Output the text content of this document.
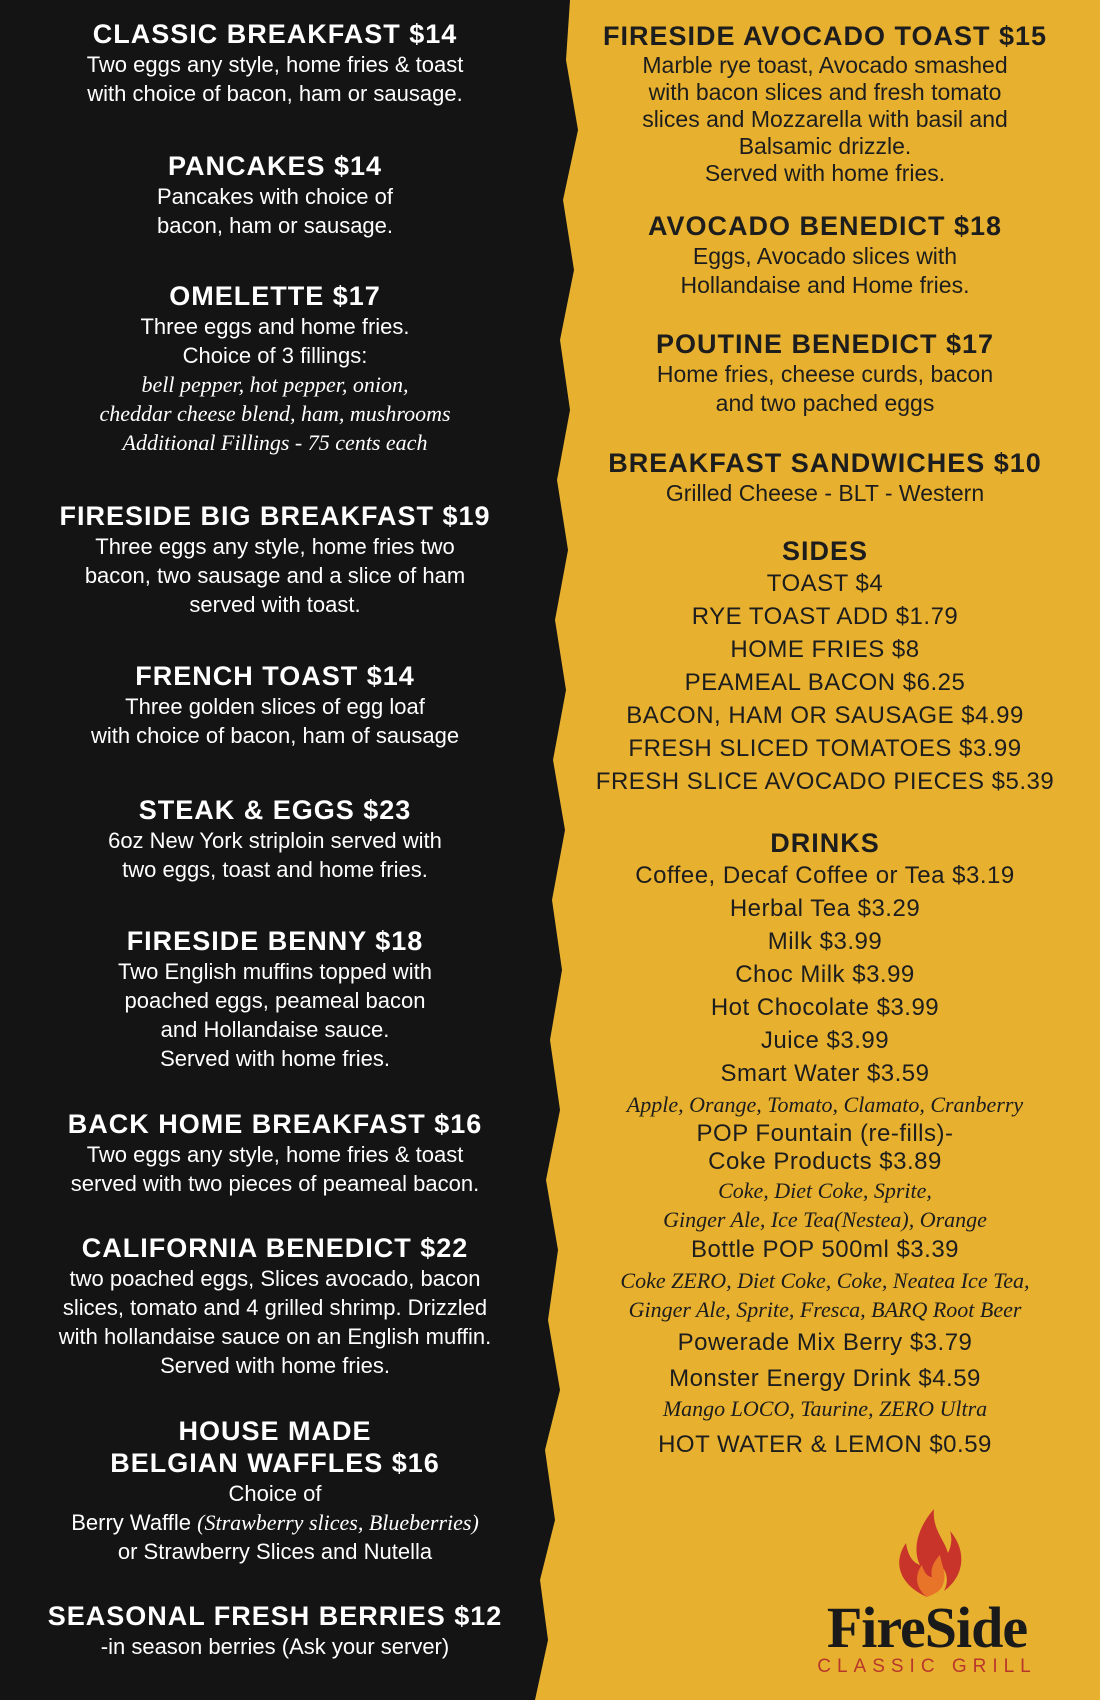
CLASSIC BREAKFAST $14
Two eggs any style, home fries & toast
with choice of bacon, ham or sausage.
PANCAKES $14
Pancakes with choice of
bacon, ham or sausage.
OMELETTE $17
Three eggs and home fries.
Choice of 3 fillings:
bell pepper, hot pepper, onion,
cheddar cheese blend, ham, mushrooms
Additional Fillings - 75 cents each
FIRESIDE BIG BREAKFAST $19
Three eggs any style, home fries two
bacon, two sausage and a slice of ham
served with toast.
FRENCH TOAST $14
Three golden slices of egg loaf
with choice of bacon, ham of sausage
STEAK & EGGS $23
6oz New York striploin served with
two eggs, toast and home fries.
FIRESIDE BENNY $18
Two English muffins topped with
poached eggs, peameal bacon
and Hollandaise sauce.
Served with home fries.
BACK HOME BREAKFAST $16
Two eggs any style, home fries & toast
served with two pieces of peameal bacon.
CALIFORNIA BENEDICT $22
two poached eggs, Slices avocado, bacon
slices, tomato and 4 grilled shrimp. Drizzled
with hollandaise sauce on an English muffin.
Served with home fries.
HOUSE MADE
BELGIAN WAFFLES $16
Choice of
Berry Waffle (Strawberry slices, Blueberries)
or Strawberry Slices and Nutella
SEASONAL FRESH BERRIES $12
-in season berries (Ask your server)
FIRESIDE AVOCADO TOAST $15
Marble rye toast, Avocado smashed
with bacon slices and fresh tomato
slices and Mozzarella with basil and
Balsamic drizzle.
Served with home fries.
AVOCADO BENEDICT $18
Eggs, Avocado slices with
Hollandaise and Home fries.
POUTINE BENEDICT $17
Home fries, cheese curds, bacon
and two pached eggs
BREAKFAST SANDWICHES $10
Grilled Cheese - BLT - Western
SIDES
TOAST $4
RYE TOAST ADD $1.79
HOME FRIES $8
PEAMEAL BACON $6.25
BACON, HAM OR SAUSAGE $4.99
FRESH SLICED TOMATOES $3.99
FRESH SLICE AVOCADO PIECES $5.39
DRINKS
Coffee, Decaf Coffee or Tea $3.19
Herbal Tea $3.29
Milk $3.99
Choc Milk $3.99
Hot Chocolate $3.99
Juice $3.99
Smart Water $3.59
Apple, Orange, Tomato, Clamato, Cranberry
POP Fountain (re-fills)-
Coke Products $3.89
Coke, Diet Coke, Sprite,
Ginger Ale, Ice Tea(Nestea), Orange
Bottle POP 500ml $3.39
Coke ZERO, Diet Coke, Coke, Neatea Ice Tea,
Ginger Ale, Sprite, Fresca, BARQ Root Beer
Powerade Mix Berry $3.79
Monster Energy Drink $4.59
Mango LOCO, Taurine, ZERO Ultra
HOT WATER & LEMON $0.59
FireSide
CLASSIC GRILL
